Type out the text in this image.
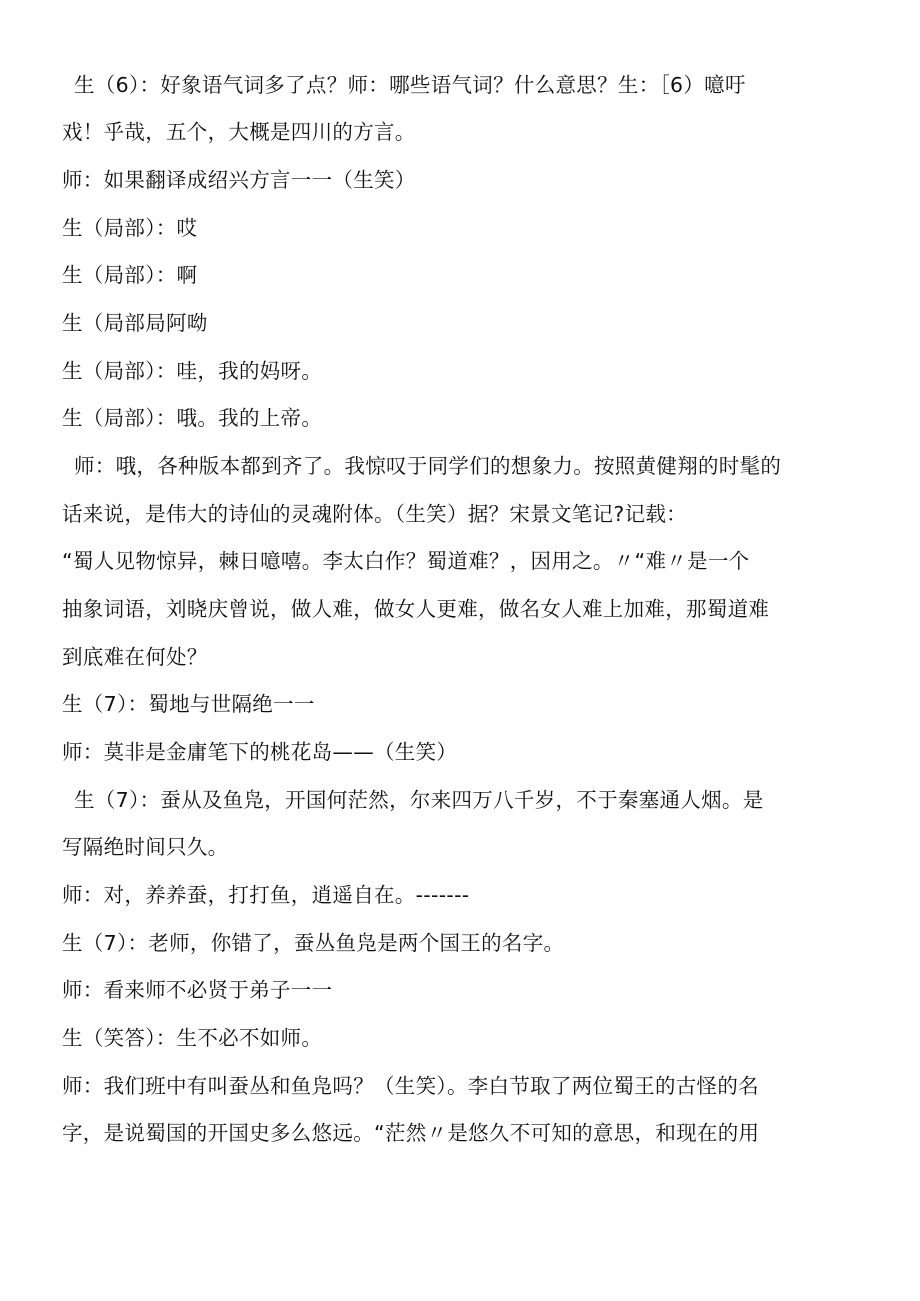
生（6）：好象语气词多了点？师：哪些语气词？什么意思？生：［6）噫吁
戏！乎哉，五个，大概是四川的方言。
师：如果翻译成绍兴方言一一（生笑）
生（局部）：哎
生（局部）：啊
生（局部局阿呦
生（局部）：哇，我的妈呀。
生（局部）：哦。我的上帝。
师：哦，各种版本都到齐了。我惊叹于同学们的想象力。按照黄健翔的时髦的
话来说，是伟大的诗仙的灵魂附体。（生笑）据？宋景文笔记?记载：
“蜀人见物惊异，棘日噫嘻。李太白作？蜀道难？，因用之。〃“难〃是一个
抽象词语，刘晓庆曾说，做人难，做女人更难，做名女人难上加难，那蜀道难
到底难在何处？
生（7）：蜀地与世隔绝一一
师：莫非是金庸笔下的桃花岛——（生笑）
生（7）：蚕从及鱼凫，开国何茫然，尔来四万八千岁，不于秦塞通人烟。是
写隔绝时间只久。
师：对，养养蚕，打打鱼，逍遥自在。-------
生（7）：老师，你错了，蚕丛鱼凫是两个国王的名字。
师：看来师不必贤于弟子一一
生（笑答）：生不必不如师。
师：我们班中有叫蚕丛和鱼凫吗？（生笑）。李白节取了两位蜀王的古怪的名
字，是说蜀国的开国史多么悠远。“茫然〃是悠久不可知的意思，和现在的用
